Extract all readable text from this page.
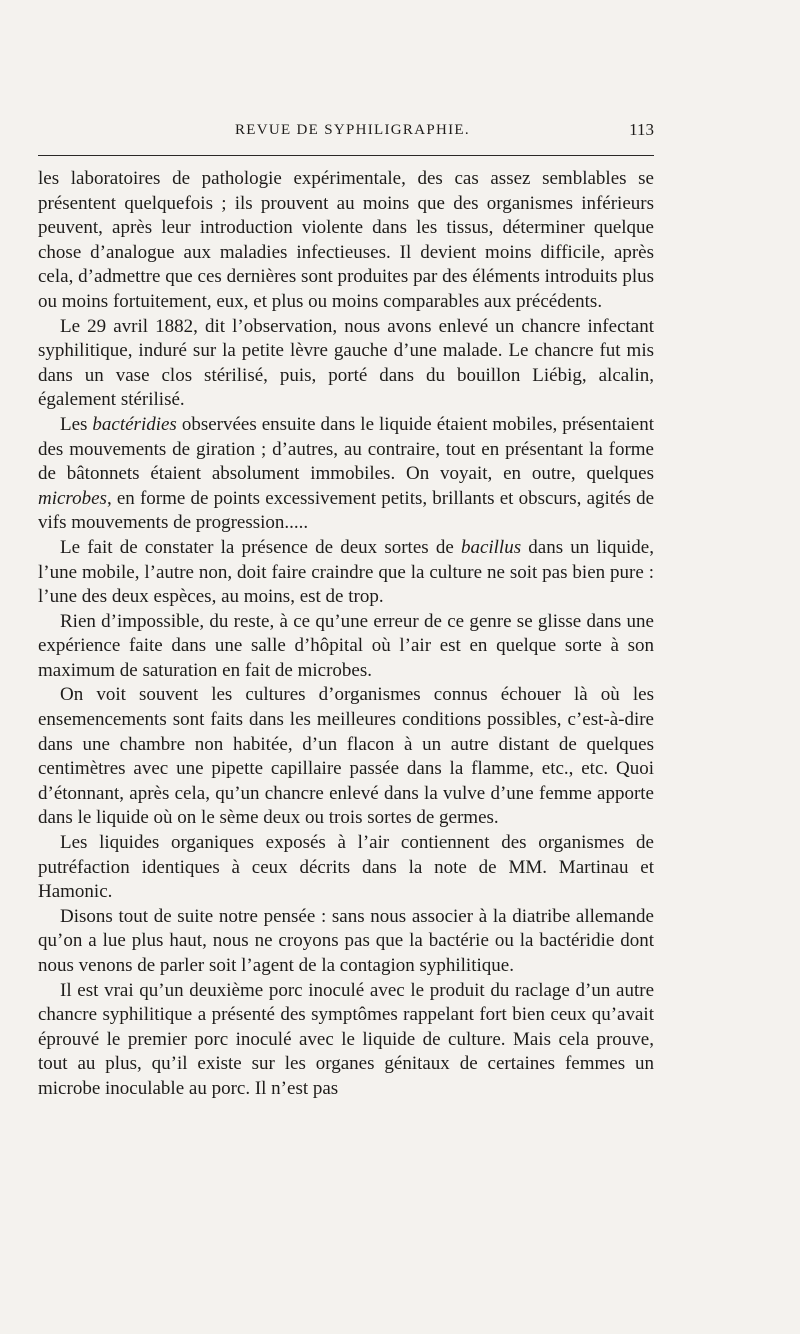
REVUE DE SYPHILIGRAPHIE.	113

les laboratoires de pathologie expérimentale, des cas assez semblables se présentent quelquefois ; ils prouvent au moins que des organismes inférieurs peuvent, après leur introduction violente dans les tissus, déterminer quelque chose d’analogue aux maladies infectieuses. Il devient moins difficile, après cela, d’admettre que ces dernières sont produites par des éléments introduits plus ou moins fortuitement, eux, et plus ou moins comparables aux précédents.

Le 29 avril 1882, dit l’observation, nous avons enlevé un chancre infectant syphilitique, induré sur la petite lèvre gauche d’une malade. Le chancre fut mis dans un vase clos stérilisé, puis, porté dans du bouillon Liébig, alcalin, également stérilisé.

Les bactéridies observées ensuite dans le liquide étaient mobiles, présentaient des mouvements de giration ; d’autres, au contraire, tout en présentant la forme de bâtonnets étaient absolument immobiles. On voyait, en outre, quelques microbes, en forme de points excessivement petits, brillants et obscurs, agités de vifs mouvements de progression.....

Le fait de constater la présence de deux sortes de bacillus dans un liquide, l’une mobile, l’autre non, doit faire craindre que la culture ne soit pas bien pure : l’une des deux espèces, au moins, est de trop.

Rien d’impossible, du reste, à ce qu’une erreur de ce genre se glisse dans une expérience faite dans une salle d’hôpital où l’air est en quelque sorte à son maximum de saturation en fait de microbes.

On voit souvent les cultures d’organismes connus échouer là où les ensemencements sont faits dans les meilleures conditions possibles, c’est-à-dire dans une chambre non habitée, d’un flacon à un autre distant de quelques centimètres avec une pipette capillaire passée dans la flamme, etc., etc. Quoi d’étonnant, après cela, qu’un chancre enlevé dans la vulve d’une femme apporte dans le liquide où on le sème deux ou trois sortes de germes.

Les liquides organiques exposés à l’air contiennent des organismes de putréfaction identiques à ceux décrits dans la note de MM. Martinau et Hamonic.

Disons tout de suite notre pensée : sans nous associer à la diatribe allemande qu’on a lue plus haut, nous ne croyons pas que la bactérie ou la bactéridie dont nous venons de parler soit l’agent de la contagion syphilitique.

Il est vrai qu’un deuxième porc inoculé avec le produit du raclage d’un autre chancre syphilitique a présenté des symptômes rappelant fort bien ceux qu’avait éprouvé le premier porc inoculé avec le liquide de culture. Mais cela prouve, tout au plus, qu’il existe sur les organes génitaux de certaines femmes un microbe inoculable au porc. Il n’est pas
